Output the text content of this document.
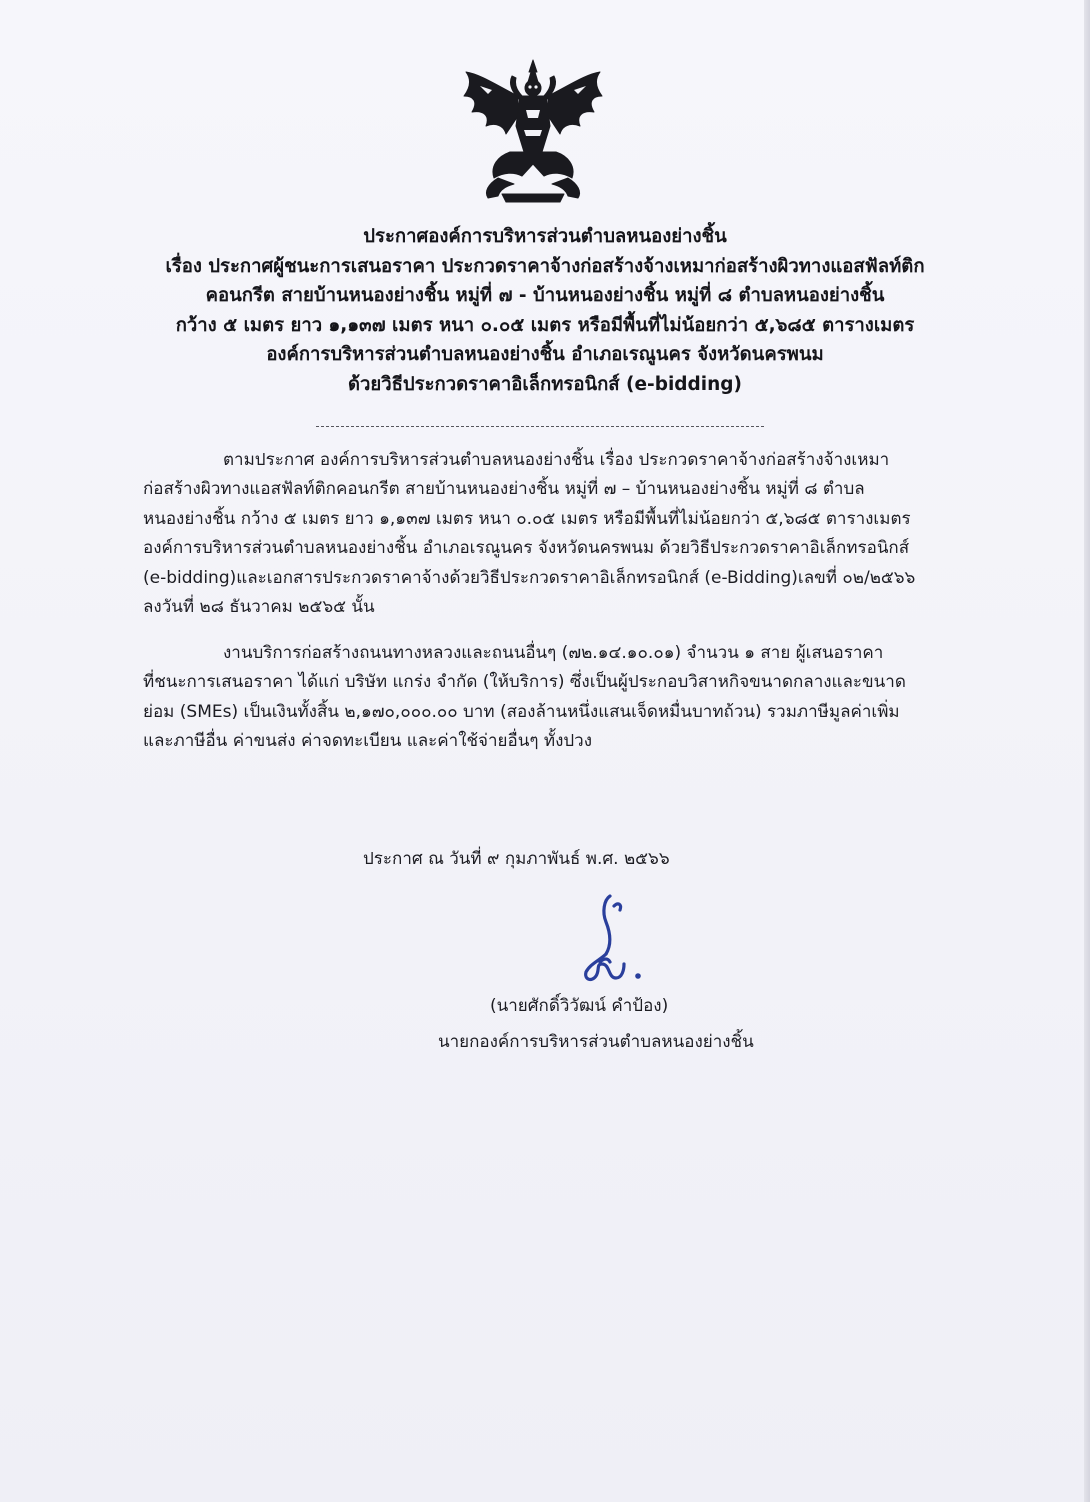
ประกาศองค์การบริหารส่วนตำบลหนองย่างชิ้น
เรื่อง ประกาศผู้ชนะการเสนอราคา ประกวดราคาจ้างก่อสร้างจ้างเหมาก่อสร้างผิวทางแอสฟัลท์ติก
คอนกรีต สายบ้านหนองย่างชิ้น หมู่ที่ ๗ - บ้านหนองย่างชิ้น หมู่ที่ ๘ ตำบลหนองย่างชิ้น
กว้าง ๕ เมตร ยาว ๑,๑๓๗ เมตร หนา ๐.๐๕ เมตร หรือมีพื้นที่ไม่น้อยกว่า ๕,๖๘๕ ตารางเมตร
องค์การบริหารส่วนตำบลหนองย่างชิ้น อำเภอเรณูนคร จังหวัดนครพนม
ด้วยวิธีประกวดราคาอิเล็กทรอนิกส์ (e-bidding)
ตามประกาศ องค์การบริหารส่วนตำบลหนองย่างชิ้น เรื่อง ประกวดราคาจ้างก่อสร้างจ้างเหมา
ก่อสร้างผิวทางแอสฟัลท์ติกคอนกรีต สายบ้านหนองย่างชิ้น หมู่ที่ ๗ – บ้านหนองย่างชิ้น หมู่ที่ ๘ ตำบล
หนองย่างชิ้น กว้าง ๕ เมตร ยาว ๑,๑๓๗ เมตร หนา ๐.๐๕ เมตร หรือมีพื้นที่ไม่น้อยกว่า ๕,๖๘๕ ตารางเมตร
องค์การบริหารส่วนตำบลหนองย่างชิ้น อำเภอเรณูนคร จังหวัดนครพนม ด้วยวิธีประกวดราคาอิเล็กทรอนิกส์
(e-bidding)และเอกสารประกวดราคาจ้างด้วยวิธีประกวดราคาอิเล็กทรอนิกส์ (e-Bidding)เลขที่ ๐๒/๒๕๖๖
ลงวันที่ ๒๘ ธันวาคม ๒๕๖๕ นั้น
งานบริการก่อสร้างถนนทางหลวงและถนนอื่นๆ (๗๒.๑๔.๑๐.๐๑) จำนวน ๑ สาย ผู้เสนอราคา
ที่ชนะการเสนอราคา ได้แก่ บริษัท แกร่ง จำกัด (ให้บริการ) ซึ่งเป็นผู้ประกอบวิสาหกิจขนาดกลางและขนาด
ย่อม (SMEs) เป็นเงินทั้งสิ้น ๒,๑๗๐,๐๐๐.๐๐ บาท (สองล้านหนึ่งแสนเจ็ดหมื่นบาทถ้วน) รวมภาษีมูลค่าเพิ่ม
และภาษีอื่น ค่าขนส่ง ค่าจดทะเบียน และค่าใช้จ่ายอื่นๆ ทั้งปวง
ประกาศ ณ วันที่ ๙ กุมภาพันธ์ พ.ศ. ๒๕๖๖
(นายศักดิ์วิวัฒน์ คำป้อง)
นายกองค์การบริหารส่วนตำบลหนองย่างชิ้น
